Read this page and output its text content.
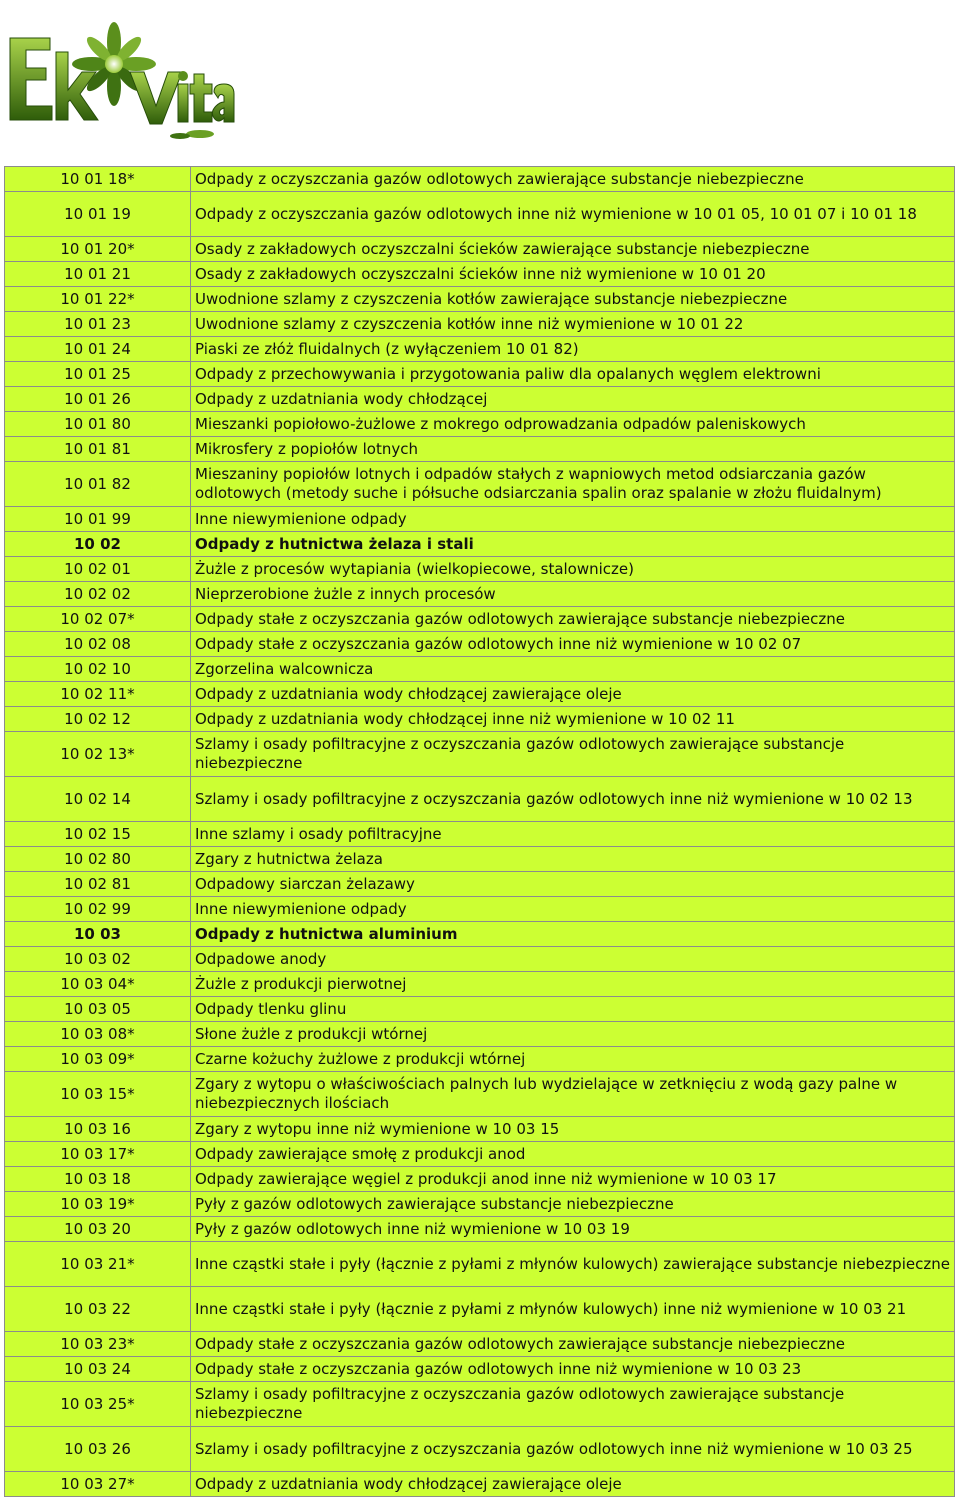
10 01 18*	Odpady z oczyszczania gazów odlotowych zawierające substancje niebezpieczne
10 01 19	Odpady z oczyszczania gazów odlotowych inne niż wymienione w 10 01 05, 10 01 07 i 10 01 18
10 01 20*	Osady z zakładowych oczyszczalni ścieków zawierające substancje niebezpieczne
10 01 21	Osady z zakładowych oczyszczalni ścieków inne niż wymienione w 10 01 20
10 01 22*	Uwodnione szlamy z czyszczenia kotłów zawierające substancje niebezpieczne
10 01 23	Uwodnione szlamy z czyszczenia kotłów inne niż wymienione w 10 01 22
10 01 24	Piaski ze złóż fluidalnych (z wyłączeniem 10 01 82)
10 01 25	Odpady z przechowywania i przygotowania paliw dla opalanych węglem elektrowni
10 01 26	Odpady z uzdatniania wody chłodzącej
10 01 80	Mieszanki popiołowo-żużlowe z mokrego odprowadzania odpadów paleniskowych
10 01 81	Mikrosfery z popiołów lotnych
10 01 82	Mieszaniny popiołów lotnych i odpadów stałych z wapniowych metod odsiarczania gazów odlotowych (metody suche i półsuche odsiarczania spalin oraz spalanie w złożu fluidalnym)
10 01 99	Inne niewymienione odpady
10 02	Odpady z hutnictwa żelaza i stali
10 02 01	Żużle z procesów wytapiania (wielkopiecowe, stalownicze)
10 02 02	Nieprzerobione żużle z innych procesów
10 02 07*	Odpady stałe z oczyszczania gazów odlotowych zawierające substancje niebezpieczne
10 02 08	Odpady stałe z oczyszczania gazów odlotowych inne niż wymienione w 10 02 07
10 02 10	Zgorzelina walcownicza
10 02 11*	Odpady z uzdatniania wody chłodzącej zawierające oleje
10 02 12	Odpady z uzdatniania wody chłodzącej inne niż wymienione w 10 02 11
10 02 13*	Szlamy i osady pofiltracyjne z oczyszczania gazów odlotowych zawierające substancje niebezpieczne
10 02 14	Szlamy i osady pofiltracyjne z oczyszczania gazów odlotowych inne niż wymienione w 10 02 13
10 02 15	Inne szlamy i osady pofiltracyjne
10 02 80	Zgary z hutnictwa żelaza
10 02 81	Odpadowy siarczan żelazawy
10 02 99	Inne niewymienione odpady
10 03	Odpady z hutnictwa aluminium
10 03 02	Odpadowe anody
10 03 04*	Żużle z produkcji pierwotnej
10 03 05	Odpady tlenku glinu
10 03 08*	Słone żużle z produkcji wtórnej
10 03 09*	Czarne kożuchy żużlowe z produkcji wtórnej
10 03 15*	Zgary z wytopu o właściwościach palnych lub wydzielające w zetknięciu z wodą gazy palne w niebezpiecznych ilościach
10 03 16	Zgary z wytopu inne niż wymienione w 10 03 15
10 03 17*	Odpady zawierające smołę z produkcji anod
10 03 18	Odpady zawierające węgiel z produkcji anod inne niż wymienione w 10 03 17
10 03 19*	Pyły z gazów odlotowych zawierające substancje niebezpieczne
10 03 20	Pyły z gazów odlotowych inne niż wymienione w 10 03 19
10 03 21*	Inne cząstki stałe i pyły (łącznie z pyłami z młynów kulowych) zawierające substancje niebezpieczne
10 03 22	Inne cząstki stałe i pyły (łącznie z pyłami z młynów kulowych) inne niż wymienione w 10 03 21
10 03 23*	Odpady stałe z oczyszczania gazów odlotowych zawierające substancje niebezpieczne
10 03 24	Odpady stałe z oczyszczania gazów odlotowych inne niż wymienione w 10 03 23
10 03 25*	Szlamy i osady pofiltracyjne z oczyszczania gazów odlotowych zawierające substancje niebezpieczne
10 03 26	Szlamy i osady pofiltracyjne z oczyszczania gazów odlotowych inne niż wymienione w 10 03 25
10 03 27*	Odpady z uzdatniania wody chłodzącej zawierające oleje
